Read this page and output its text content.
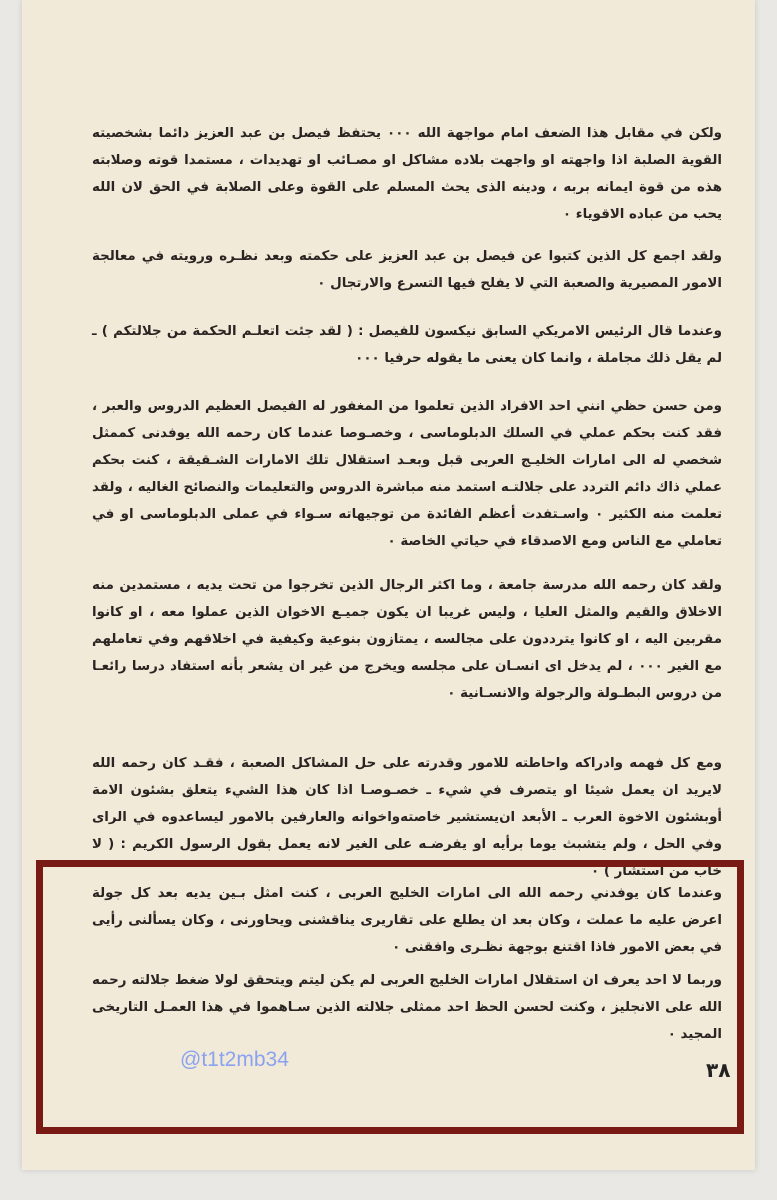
ولكن في مقابل هذا الضعف امام مواجهة الله ٠٠٠ يحتفظ فيصل بن عبد العزيز دائما بشخصيته القوية الصلبة اذا واجهته او واجهت بلاده مشاكل او مصـائب او تهديدات ، مستمدا قوته وصلابته هذه من قوة ايمانه بربه ، ودينه الذى يحث المسلم على القوة وعلى الصلابة في الحق لان الله يحب من عباده الاقوياء ٠

ولقد اجمع كل الذين كتبوا عن فيصل بن عبد العزيز على حكمته وبعد نظـره ورويته في معالجة الامور المصيرية والصعبة التي لا يفلح فيها التسرع والارتجال ٠

وعندما قال الرئيس الامريكي السابق نيكسون للفيصل : ( لقد جئت اتعلـم الحكمة من جلالتكم ) ـ لم يقل ذلك مجاملة ، وانما كان يعنى ما يقوله حرفيا ٠٠٠

ومن حسن حظي انني احد الافراد الذين تعلموا من المغفور له الفيصل العظيم الدروس والعبر ، فقد كنت بحكم عملي في السلك الدبلوماسى ، وخصـوصا عندما كان رحمه الله يوفدنى كممثل شخصي له الى امارات الخليـج العربى قبل وبعـد استقلال تلك الامارات الشـقيقة ، كنت بحكم عملي ذاك دائم التردد على جلالتـه استمد منه مباشرة الدروس والتعليمات والنصائح الغاليه ، ولقد تعلمت منه الكثير ٠ واسـتفدت أعظم الفائدة من توجيهاته سـواء في عملى الدبلوماسى او في تعاملي مع الناس ومع الاصدقاء في حياتي الخاصة ٠

ولقد كان رحمه الله مدرسة جامعة ، وما اكثر الرجال الذين تخرجوا من تحت يديه ، مستمدين منه الاخلاق والقيم والمثل العليا ، وليس غريبا ان يكون جميـع الاخوان الذين عملوا معه ، او كانوا مقربين اليه ، او كانوا يترددون على مجالسه ، يمتازون بنوعية وكيفية في اخلاقهم وفي تعاملهم مع الغير ٠٠٠ ، لم يدخل اى انسـان على مجلسه ويخرج من غير ان يشعر بأنه استفاد درسا رائعـا من دروس البطـولة والرجولة والانسـانية ٠

ومع كل فهمه وادراكه واحاطته للامور وقدرته على حل المشاكل الصعبة ، فقـد كان رحمه الله لايريد ان يعمل شيئا او يتصرف في شيء ـ خصـوصـا اذا كان هذا الشيء يتعلق بشئون الامة أوبشئون الاخوة العرب ـ الأبعد ان‌يستشير خاصته‌واخوانه والعارفين بالامور ليساعدوه في الراى وفي الحل ، ولم يتشبث يوما برأيه او يفرضـه على الغير لانه يعمل بقول الرسول الكريم : ( لا خاب من استشار ) ٠

وعندما كان يوفدني رحمه الله الى امارات الخليج العربى ، كنت امثل بـين يديه بعد كل جولة اعرض عليه ما عملت ، وكان بعد ان يطلع على تقاريرى يناقشنى ويحاورنى ، وكان يسألنى رأيى في بعض الامور فاذا اقتنع بوجهة نظـرى وافقنى ٠

وربما لا احد يعرف ان استقلال امارات الخليج العربى لم يكن ليتم ويتحقق لولا ضغط جلالته رحمه الله على الانجليز ، وكنت لحسن الحظ احد ممثلى جلالته الذين سـاهموا في هذا العمـل التاريخى المجيد ٠

٣٨
@t1t2mb34
